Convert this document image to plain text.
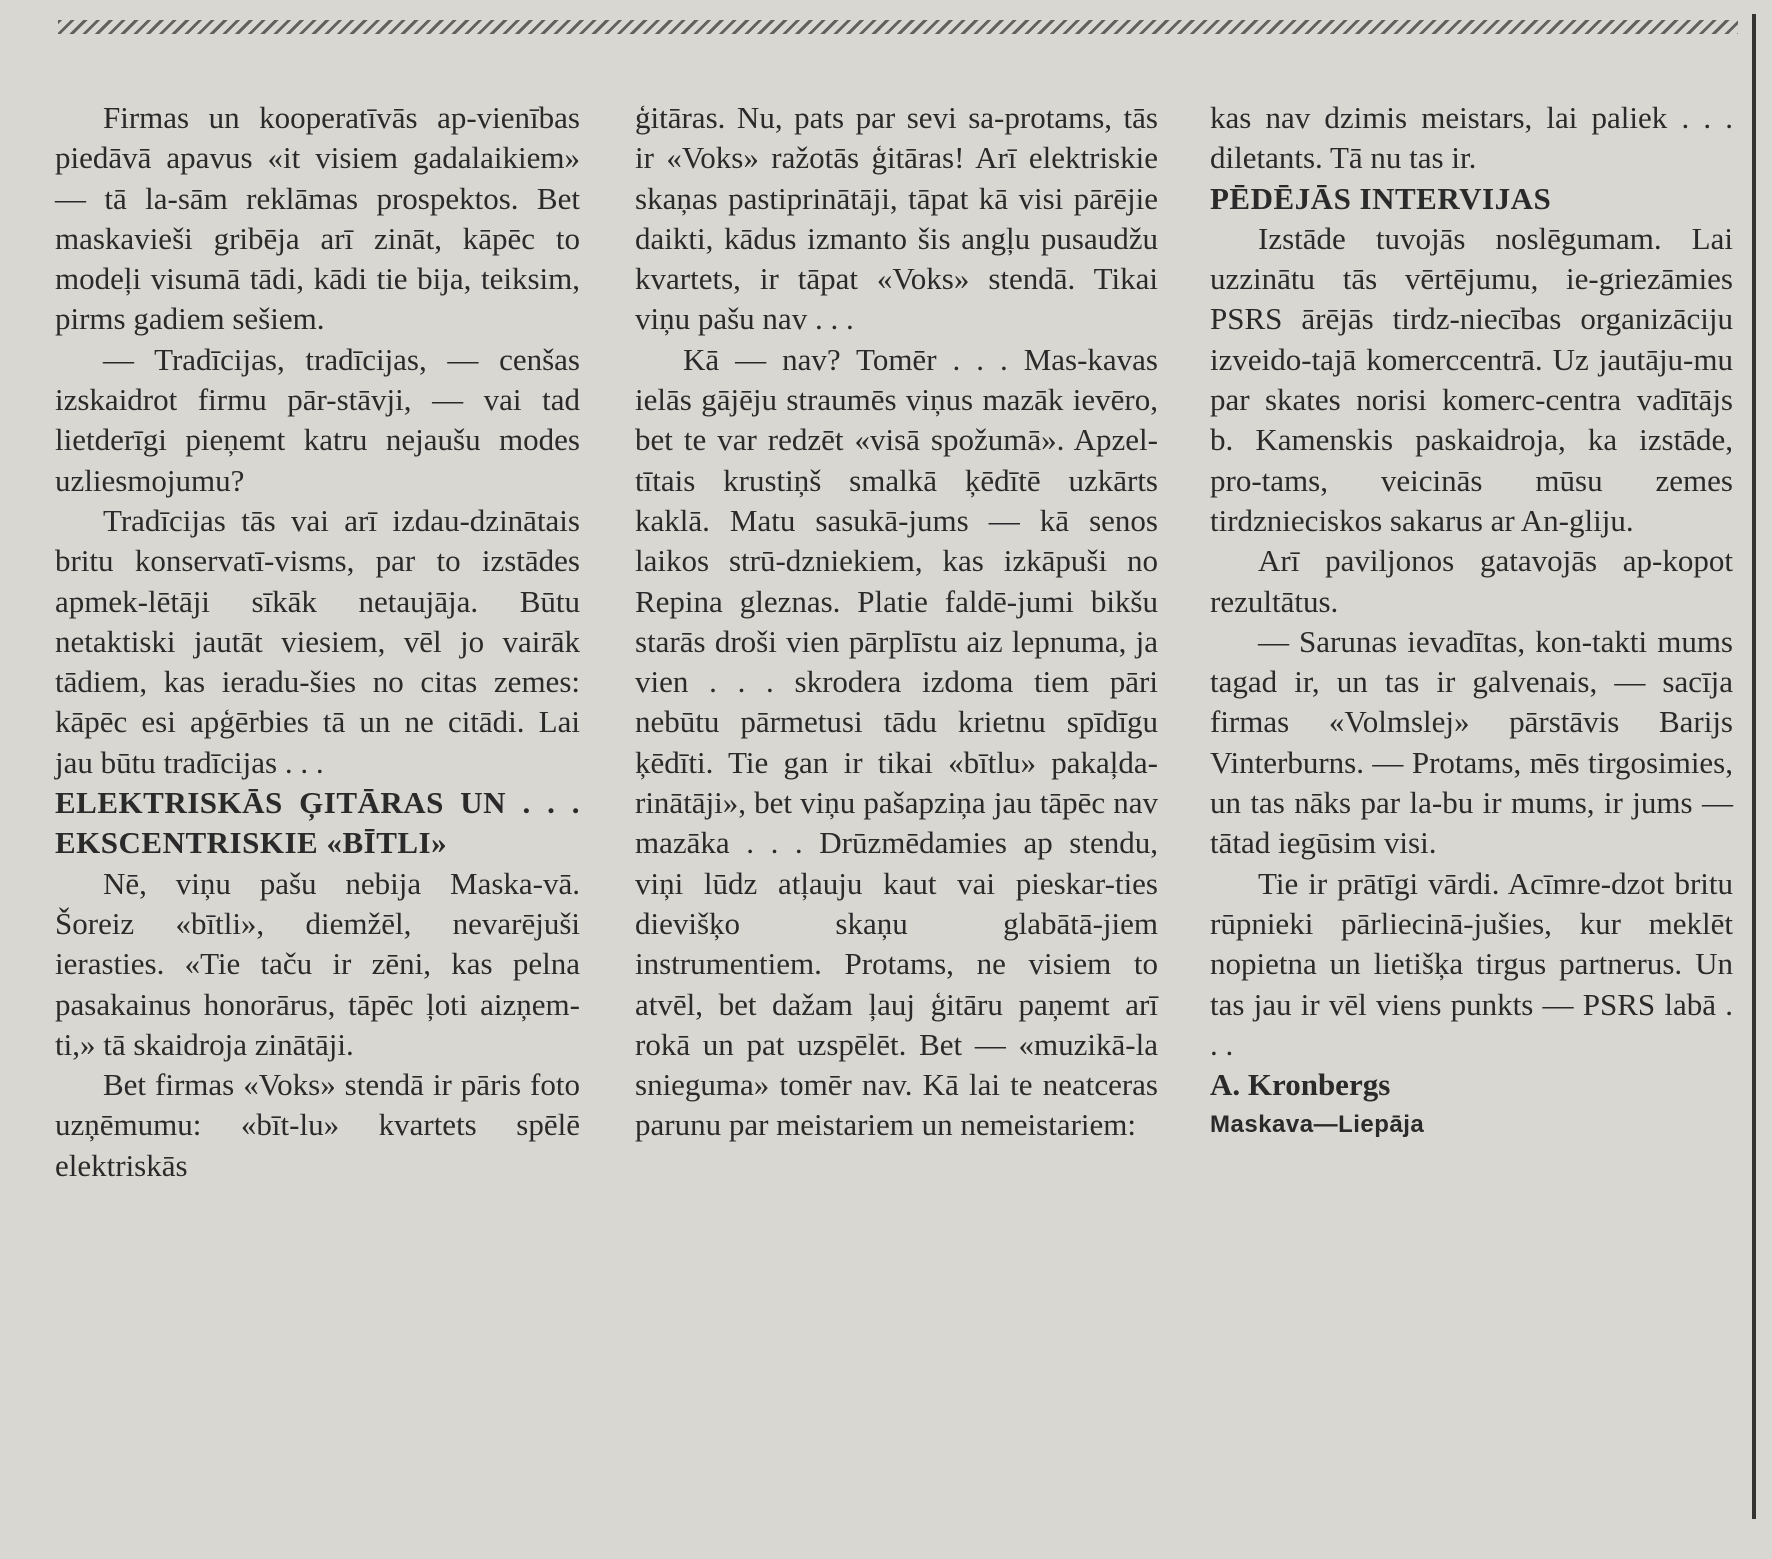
Firmas un kooperatīvās ap-vienības piedāvā apavus «it visiem gadalaikiem» — tā la-sām reklāmas prospektos. Bet maskavieši gribēja arī zināt, kāpēc to modeļi visumā tādi, kādi tie bija, teiksim, pirms gadiem sešiem.

— Tradīcijas, tradīcijas, — cenšas izskaidrot firmu pār-stāvji, — vai tad lietderīgi pieņemt katru nejaušu modes uzliesmojumu?

Tradīcijas tās vai arī izdau-dzinātais britu konservatī-visms, par to izstādes apmek-lētāji sīkāk netaujāja. Būtu netaktiski jautāt viesiem, vēl jo vairāk tādiem, kas ieradu-šies no citas zemes: kāpēc esi apģērbies tā un ne citādi. Lai jau būtu tradīcijas . . .

ELEKTRISKĀS ĢITĀRAS UN . . . EKSCENTRISKIE «BĪTLI»

Nē, viņu pašu nebija Maska-vā. Šoreiz «bītli», diemžēl, nevarējuši ierasties. «Tie taču ir zēni, kas pelna pasakainus honorārus, tāpēc ļoti aizņem-ti,» tā skaidroja zinātāji.

Bet firmas «Voks» stendā ir pāris foto uzņēmumu: «bīt-lu» kvartets spēlē elektriskās

ģitāras. Nu, pats par sevi sa-protams, tās ir «Voks» ražotās ģitāras! Arī elektriskie skaņas pastiprinātāji, tāpat kā visi pārējie daikti, kādus izmanto šis angļu pusaudžu kvartets, ir tāpat «Voks» stendā. Tikai viņu pašu nav . . .

Kā — nav? Tomēr . . . Mas-kavas ielās gājēju straumēs viņus mazāk ievēro, bet te var redzēt «visā spožumā». Apzel-tītais krustiņš smalkā ķēdītē uzkārts kaklā. Matu sasukā-jums — kā senos laikos strū-dzniekiem, kas izkāpuši no Repina gleznas. Platie faldē-jumi bikšu starās droši vien pārplīstu aiz lepnuma, ja vien . . . skrodera izdoma tiem pāri nebūtu pārmetusi tādu krietnu spīdīgu ķēdīti. Tie gan ir tikai «bītlu» pakaļda-rinātāji», bet viņu pašapziņa jau tāpēc nav mazāka . . . Drūzmēdamies ap stendu, viņi lūdz atļauju kaut vai pieskar-ties dievišķo skaņu glabātā-jiem instrumentiem. Protams, ne visiem to atvēl, bet dažam ļauj ģitāru paņemt arī rokā un pat uzspēlēt. Bet — «muzikā-la snieguma» tomēr nav. Kā lai te neatceras parunu par meistariem un nemeistariem:

kas nav dzimis meistars, lai paliek . . . diletants. Tā nu tas ir.

PĒDĒJĀS INTERVIJAS

Izstāde tuvojās noslēgumam. Lai uzzinātu tās vērtējumu, ie-griezāmies PSRS ārējās tirdz-niecības organizāciju izveido-tajā komerccentrā. Uz jautāju-mu par skates norisi komerc-centra vadītājs b. Kamenskis paskaidroja, ka izstāde, pro-tams, veicinās mūsu zemes tirdznieciskos sakarus ar An-gliju.

Arī paviljonos gatavojās ap-kopot rezultātus.

— Sarunas ievadītas, kon-takti mums tagad ir, un tas ir galvenais, — sacīja firmas «Volmslej» pārstāvis Barijs Vinterburns. — Protams, mēs tirgosimies, un tas nāks par la-bu ir mums, ir jums — tātad iegūsim visi.

Tie ir prātīgi vārdi. Acīmre-dzot britu rūpnieki pārliecinā-jušies, kur meklēt nopietna un lietišķa tirgus partnerus. Un tas jau ir vēl viens punkts — PSRS labā . . .

A. Kronbergs

Maskava—Liepāja
